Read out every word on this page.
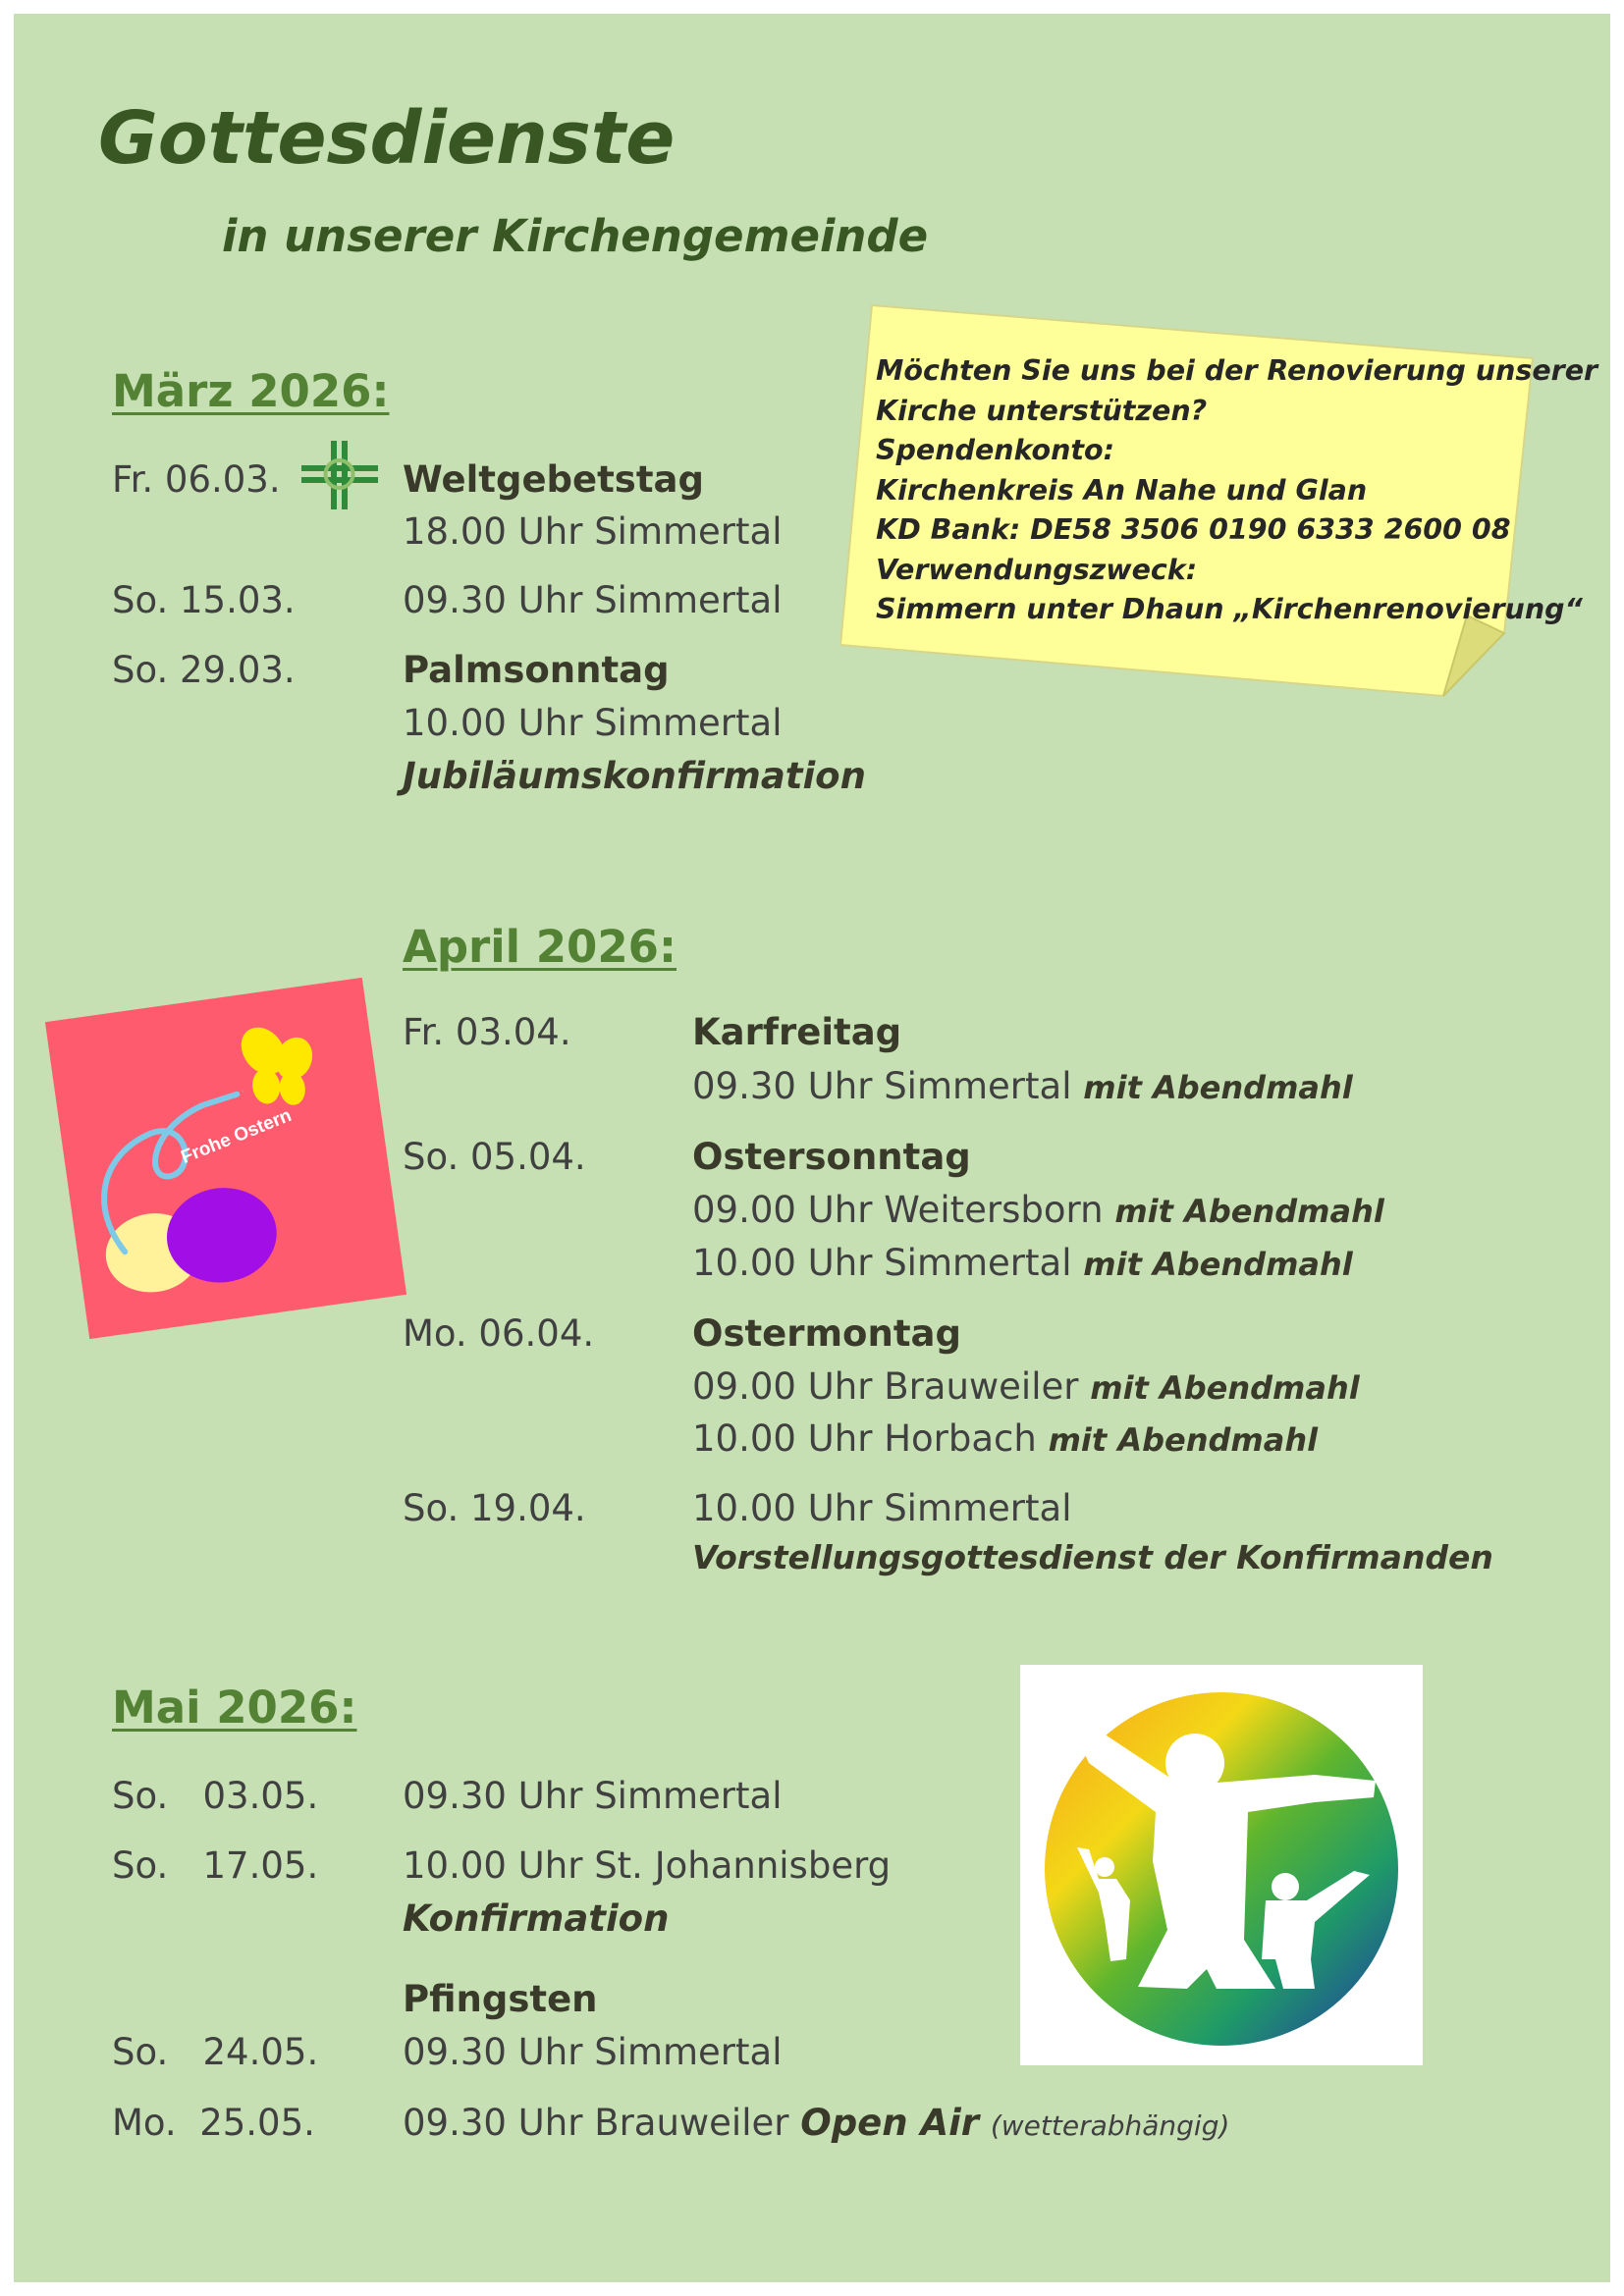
Gottesdienste
in unserer Kirchengemeinde
Möchten Sie uns bei der Renovierung unserer
Kirche unterstützen?
Spendenkonto:
Kirchenkreis An Nahe und Glan
KD Bank: DE58 3506 0190 6333 2600 08
Verwendungszweck:
Simmern unter Dhaun „Kirchenrenovierung“
März 2026:
Fr. 06.03.	Weltgebetstag
18.00 Uhr Simmertal
So. 15.03.	09.30 Uhr Simmertal
So. 29.03.	Palmsonntag
10.00 Uhr Simmertal
Jubiläumskonfirmation
Frohe Ostern
April 2026:
Fr. 03.04.	Karfreitag
09.30 Uhr Simmertal mit Abendmahl
So. 05.04.	Ostersonntag
09.00 Uhr Weitersborn mit Abendmahl
10.00 Uhr Simmertal mit Abendmahl
Mo. 06.04.	Ostermontag
09.00 Uhr Brauweiler mit Abendmahl
10.00 Uhr Horbach mit Abendmahl
So. 19.04.	10.00 Uhr Simmertal
Vorstellungsgottesdienst der Konfirmanden
Mai 2026:
So.   03.05. 09.30 Uhr Simmertal
So.   17.05. 10.00 Uhr St. Johannisberg
Konfirmation
Pfingsten
So.   24.05. 09.30 Uhr Simmertal
Mo.  25.05. 09.30 Uhr Brauweiler Open Air (wetterabhängig)
